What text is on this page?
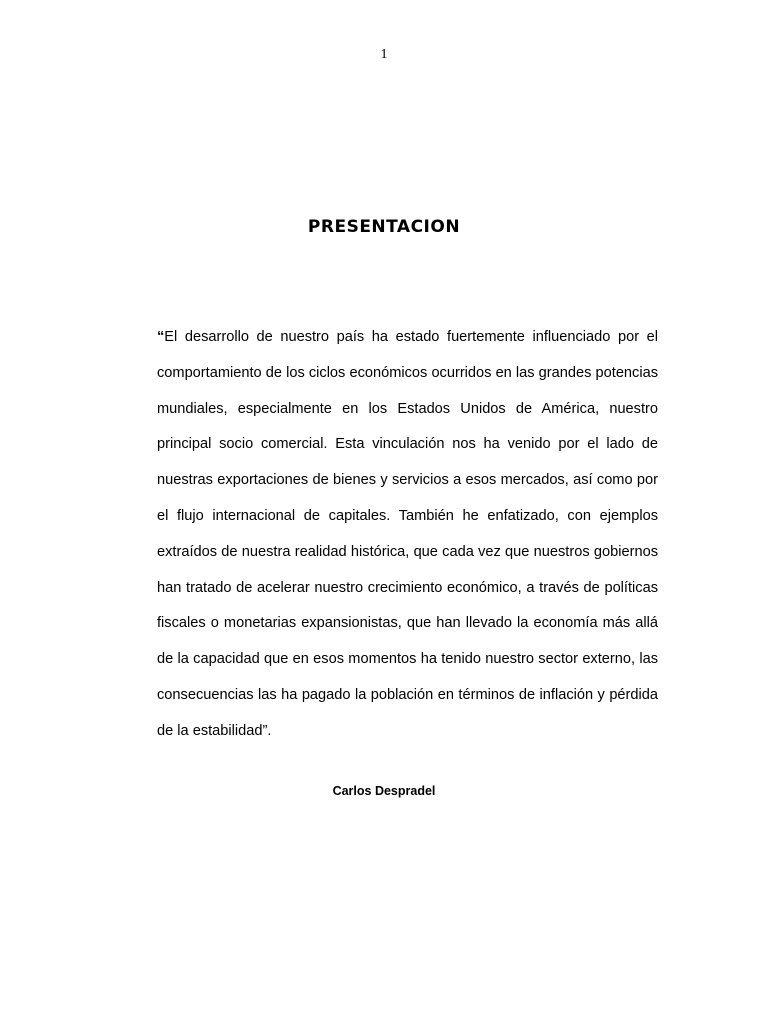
1
PRESENTACION

“El desarrollo de nuestro país ha estado fuertemente influenciado por el comportamiento de los ciclos económicos ocurridos en las grandes potencias mundiales, especialmente en los Estados Unidos de América, nuestro principal socio comercial. Esta vinculación nos ha venido por el lado de nuestras exportaciones de bienes y servicios a esos mercados, así como por el flujo internacional de capitales. También he enfatizado, con ejemplos extraídos de nuestra realidad histórica, que cada vez que nuestros gobiernos han tratado de acelerar nuestro crecimiento económico, a través de políticas fiscales o monetarias expansionistas, que han llevado la economía más allá de la capacidad que en esos momentos ha tenido nuestro sector externo, las consecuencias las ha pagado la población en términos de inflación y pérdida de la estabilidad”.

Carlos Despradel
